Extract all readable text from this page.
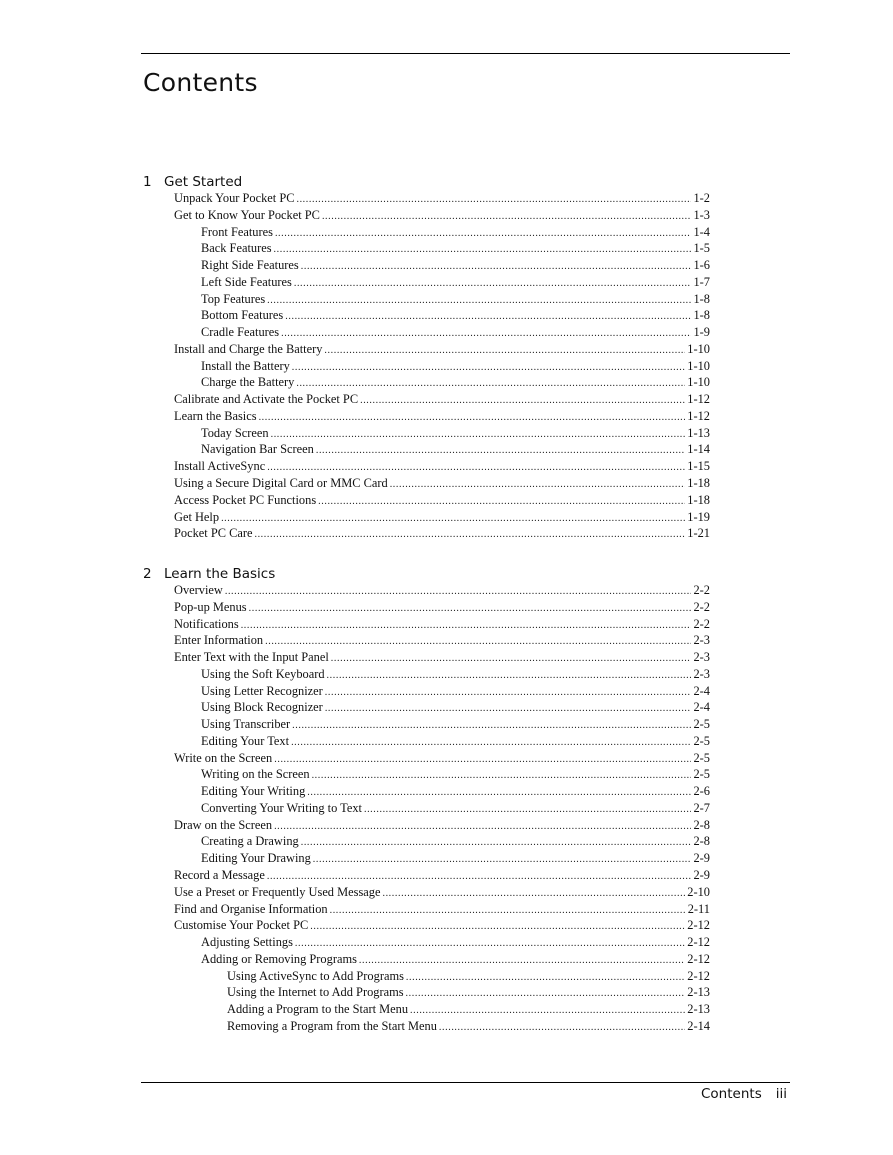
Contents
1 Get Started
Unpack Your Pocket PC .....	1-2
Get to Know Your Pocket PC .....	1-3
Front Features .....	1-4
Back Features .....	1-5
Right Side Features .....	1-6
Left Side Features .....	1-7
Top Features .....	1-8
Bottom Features .....	1-8
Cradle Features .....	1-9
Install and Charge the Battery .....	1-10
Install the Battery .....	1-10
Charge the Battery .....	1-10
Calibrate and Activate the Pocket PC .....	1-12
Learn the Basics .....	1-12
Today Screen .....	1-13
Navigation Bar Screen .....	1-14
Install ActiveSync .....	1-15
Using a Secure Digital Card or MMC Card .....	1-18
Access Pocket PC Functions .....	1-18
Get Help .....	1-19
Pocket PC Care .....	1-21
2 Learn the Basics
Overview .....	2-2
Pop-up Menus .....	2-2
Notifications .....	2-2
Enter Information .....	2-3
Enter Text with the Input Panel .....	2-3
Using the Soft Keyboard .....	2-3
Using Letter Recognizer .....	2-4
Using Block Recognizer .....	2-4
Using Transcriber .....	2-5
Editing Your Text .....	2-5
Write on the Screen .....	2-5
Writing on the Screen .....	2-5
Editing Your Writing .....	2-6
Converting Your Writing to Text .....	2-7
Draw on the Screen .....	2-8
Creating a Drawing .....	2-8
Editing Your Drawing .....	2-9
Record a Message .....	2-9
Use a Preset or Frequently Used Message .....	2-10
Find and Organise Information .....	2-11
Customise Your Pocket PC .....	2-12
Adjusting Settings .....	2-12
Adding or Removing Programs .....	2-12
Using ActiveSync to Add Programs .....	2-12
Using the Internet to Add Programs .....	2-13
Adding a Program to the Start Menu .....	2-13
Removing a Program from the Start Menu .....	2-14
Contents iii
